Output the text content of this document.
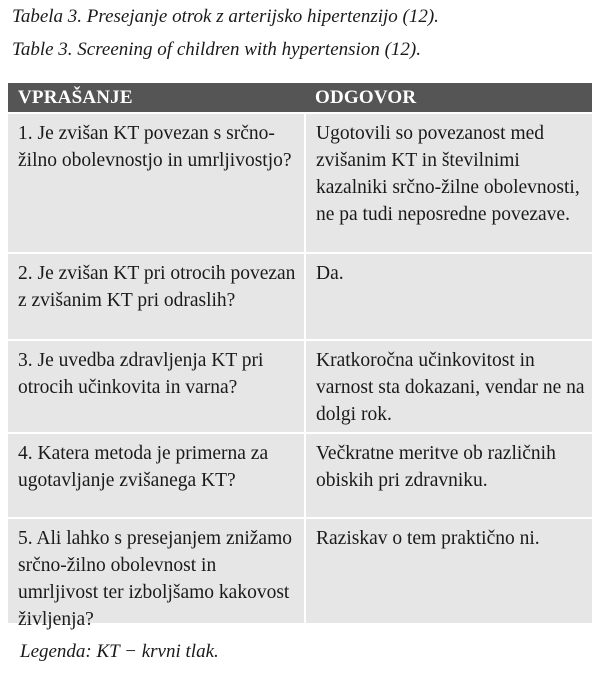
Tabela 3. Presejanje otrok z arterijsko hipertenzijo (12).
Table 3. Screening of children with hypertension (12).
VPRAŠANJE	ODGOVOR
1. Je zvišan KT povezan s srčno-žilno obolevnostjo in umrljivostjo?	Ugotovili so povezanost med zvišanim KT in številnimi kazalniki srčno-žilne obolevnosti, ne pa tudi neposredne povezave.
2. Je zvišan KT pri otrocih povezan z zvišanim KT pri odraslih?	Da.
3. Je uvedba zdravljenja KT pri otrocih učinkovita in varna?	Kratkoročna učinkovitost in varnost sta dokazani, vendar ne na dolgi rok.
4. Katera metoda je primerna za ugotavljanje zvišanega KT?	Večkratne meritve ob različnih obiskih pri zdravniku.
5. Ali lahko s presejanjem znižamo srčno-žilno obolevnost in umrljivost ter izboljšamo kakovost življenja?	Raziskav o tem praktično ni.
Legenda: KT − krvni tlak.
